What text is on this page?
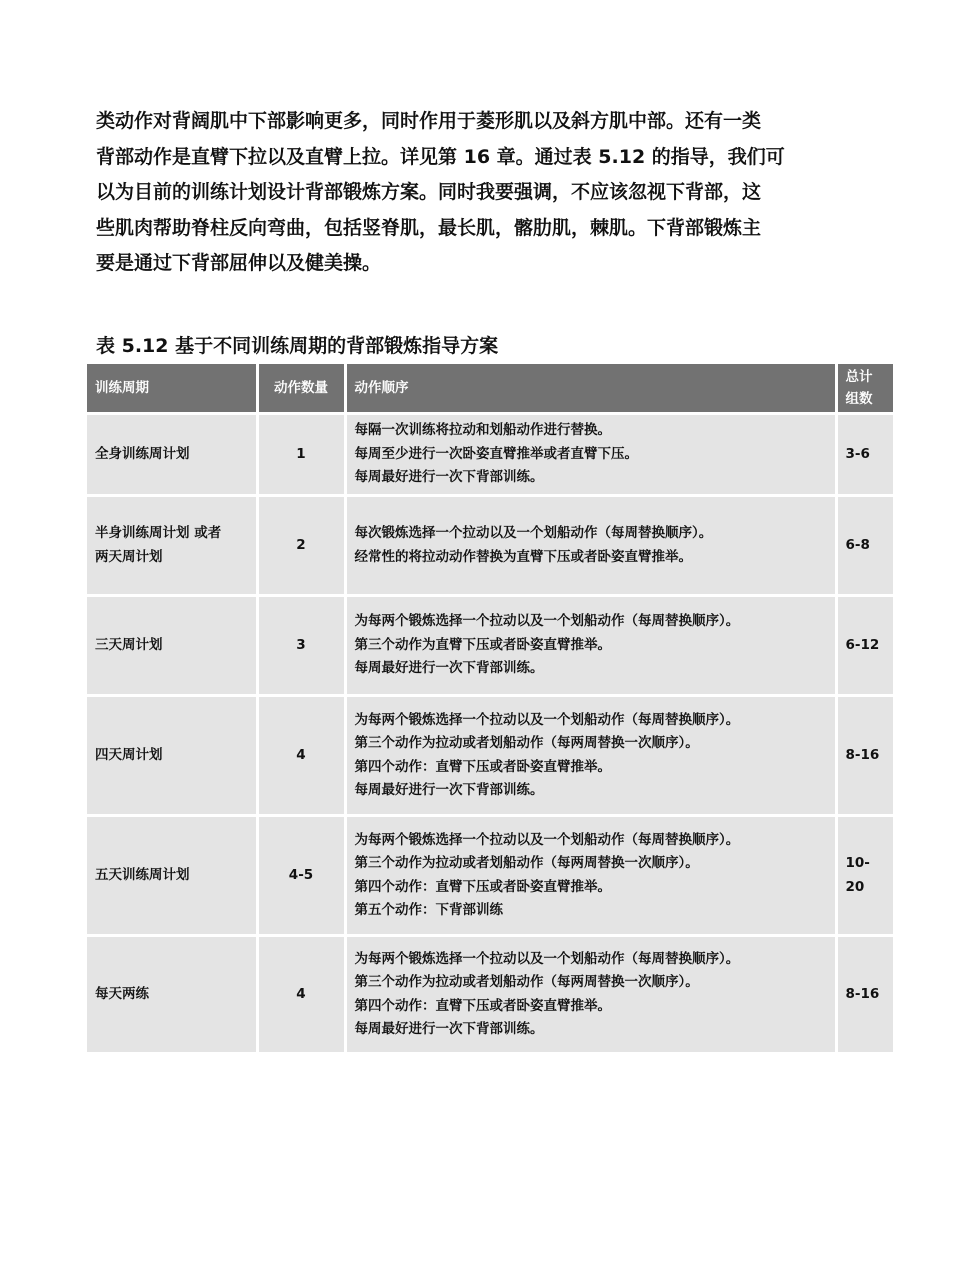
类动作对背阔肌中下部影响更多，同时作用于菱形肌以及斜方肌中部。还有一类
背部动作是直臂下拉以及直臂上拉。详见第 16 章。通过表 5.12 的指导，我们可
以为目前的训练计划设计背部锻炼方案。同时我要强调，不应该忽视下背部，这
些肌肉帮助脊柱反向弯曲，包括竖脊肌，最长肌，髂肋肌，棘肌。下背部锻炼主
要是通过下背部屈伸以及健美操。
表 5.12 基于不同训练周期的背部锻炼指导方案
训练周期	动作数量	动作顺序	总计
组数

全身训练周计划	1	每隔一次训练将拉动和划船动作进行替换。
每周至少进行一次卧姿直臂推举或者直臂下压。
每周最好进行一次下背部训练。	3-6

半身训练周计划 或者
两天周计划	2	每次锻炼选择一个拉动以及一个划船动作（每周替换顺序）。
经常性的将拉动动作替换为直臂下压或者卧姿直臂推举。	6-8

三天周计划	3	为每两个锻炼选择一个拉动以及一个划船动作（每周替换顺序）。
第三个动作为直臂下压或者卧姿直臂推举。
每周最好进行一次下背部训练。	6-12

四天周计划	4	为每两个锻炼选择一个拉动以及一个划船动作（每周替换顺序）。
第三个动作为拉动或者划船动作（每两周替换一次顺序）。
第四个动作：直臂下压或者卧姿直臂推举。
每周最好进行一次下背部训练。	8-16

五天训练周计划	4-5	为每两个锻炼选择一个拉动以及一个划船动作（每周替换顺序）。
第三个动作为拉动或者划船动作（每两周替换一次顺序）。
第四个动作：直臂下压或者卧姿直臂推举。
第五个动作：下背部训练	10-
20

每天两练	4	为每两个锻炼选择一个拉动以及一个划船动作（每周替换顺序）。
第三个动作为拉动或者划船动作（每两周替换一次顺序）。
第四个动作：直臂下压或者卧姿直臂推举。
每周最好进行一次下背部训练。	8-16
